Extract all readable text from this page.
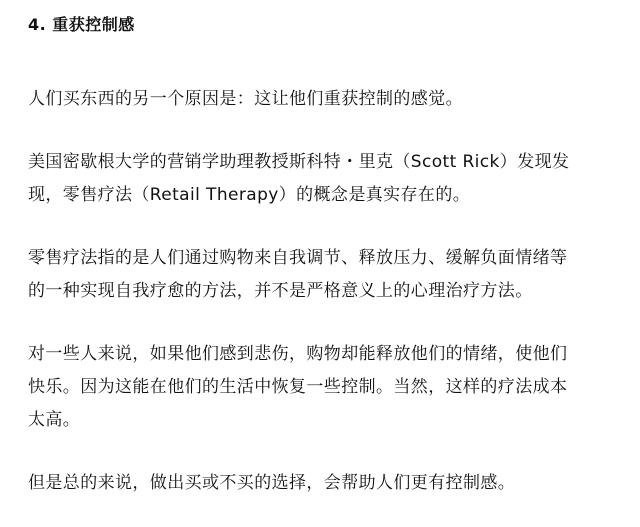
4. 重获控制感

人们买东西的另一个原因是：这让他们重获控制的感觉。

美国密歇根大学的营销学助理教授斯科特・里克（Scott Rick）发现发
现，零售疗法（Retail Therapy）的概念是真实存在的。

零售疗法指的是人们通过购物来自我调节、释放压力、缓解负面情绪等
的一种实现自我疗愈的方法，并不是严格意义上的心理治疗方法。

对一些人来说，如果他们感到悲伤，购物却能释放他们的情绪，使他们
快乐。因为这能在他们的生活中恢复一些控制。当然，这样的疗法成本
太高。

但是总的来说，做出买或不买的选择，会帮助人们更有控制感。
